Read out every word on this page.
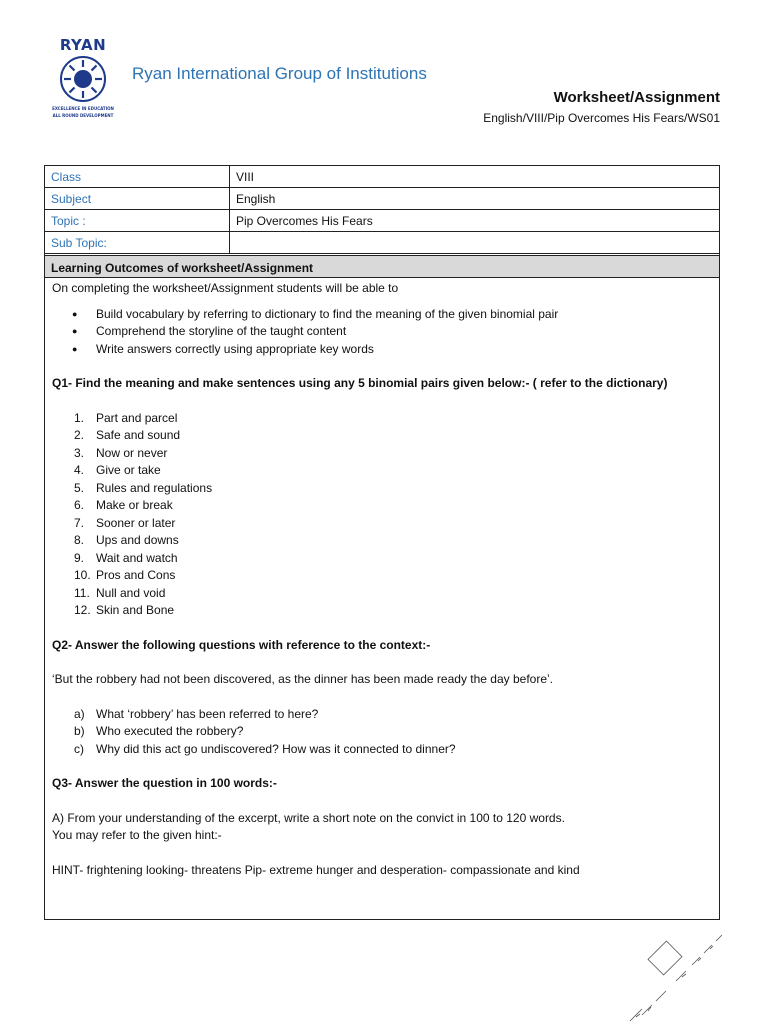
RYAN
EXCELLENCE IN EDUCATION
ALL ROUND DEVELOPMENT
Ryan International Group of Institutions
Worksheet/Assignment
English/VIII/Pip Overcomes His Fears/WS01
Class	VIII
Subject	English
Topic :	Pip Overcomes His Fears
Sub Topic:	
Learning Outcomes of worksheet/Assignment

On completing the worksheet/Assignment students will be able to

● Build vocabulary by referring to dictionary to find the meaning of the given binomial pair
● Comprehend the storyline of the taught content
● Write answers correctly using appropriate key words

Q1- Find the meaning and make sentences using any 5 binomial pairs given below:- ( refer to the dictionary)

1. Part and parcel
2. Safe and sound
3. Now or never
4. Give or take
5. Rules and regulations
6. Make or break
7. Sooner or later
8. Ups and downs
9. Wait and watch
10. Pros and Cons
11. Null and void
12. Skin and Bone

Q2- Answer the following questions with reference to the context:-

‘But the robbery had not been discovered, as the dinner has been made ready the day before’.

a) What ‘robbery’ has been referred to here?
b) Who executed the robbery?
c) Why did this act go undiscovered? How was it connected to dinner?

Q3- Answer the question in 100 words:-

A) From your understanding of the excerpt, write a short note on the convict in 100 to 120 words.

You may refer to the given hint:-

HINT- frightening looking- threatens Pip- extreme hunger and desperation- compassionate and kind
